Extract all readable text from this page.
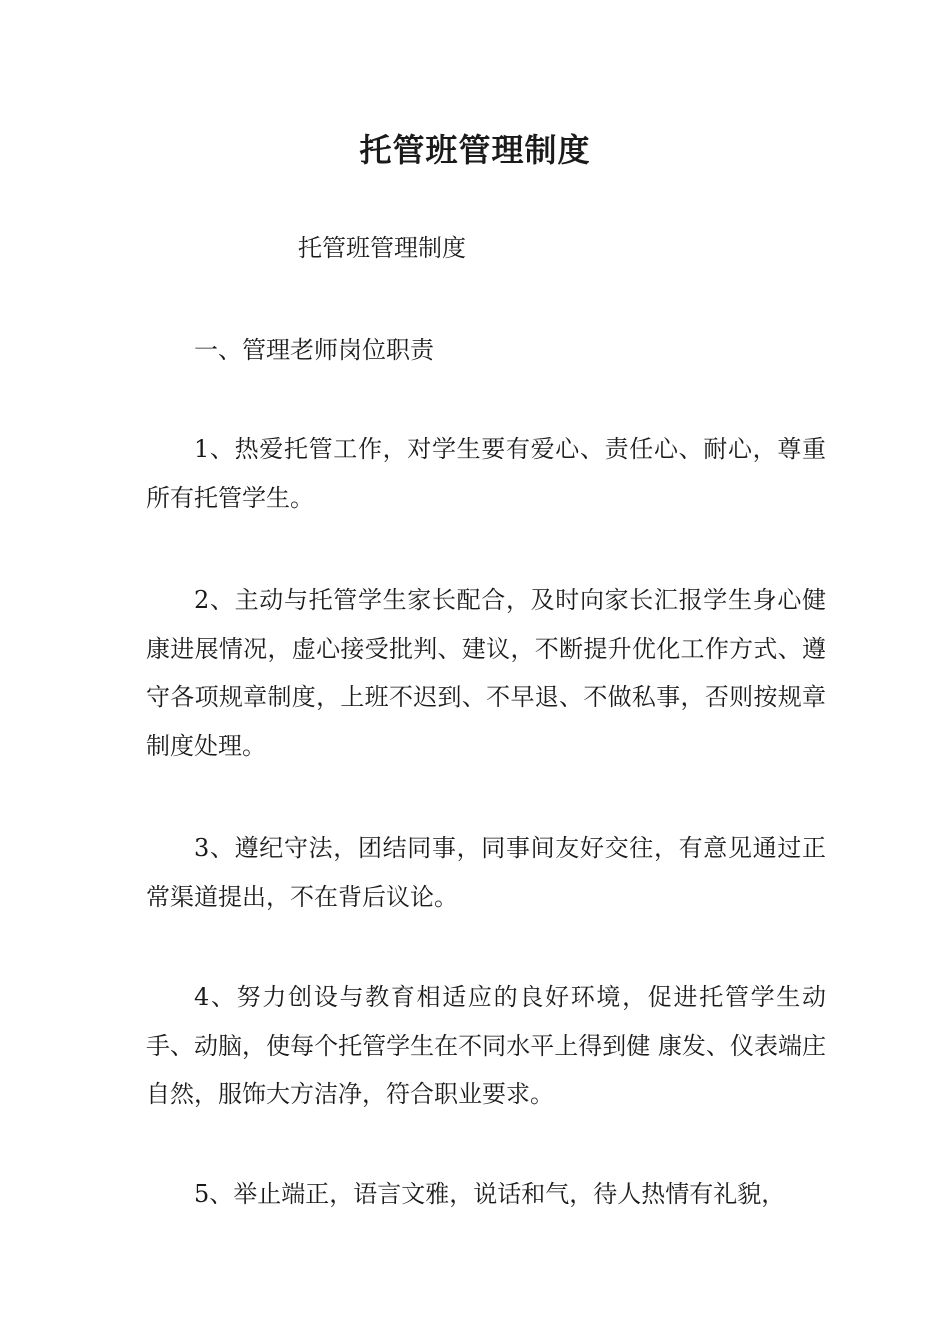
托管班管理制度

托管班管理制度

一、管理老师岗位职责

1、热爱托管工作，对学生要有爱心、责任心、耐心，尊重所有托管学生。

2、主动与托管学生家长配合，及时向家长汇报学生身心健康进展情况，虚心接受批判、建议，不断提升优化工作方式、遵守各项规章制度，上班不迟到、不早退、不做私事，否则按规章制度处理。

3、遵纪守法，团结同事，同事间友好交往，有意见通过正常渠道提出，不在背后议论。

4、努力创设与教育相适应的良好环境，促进托管学生动手、动脑，使每个托管学生在不同水平上得到健 康发、仪表端庄自然，服饰大方洁净，符合职业要求。

5、举止端正，语言文雅，说话和气，待人热情有礼貌，
